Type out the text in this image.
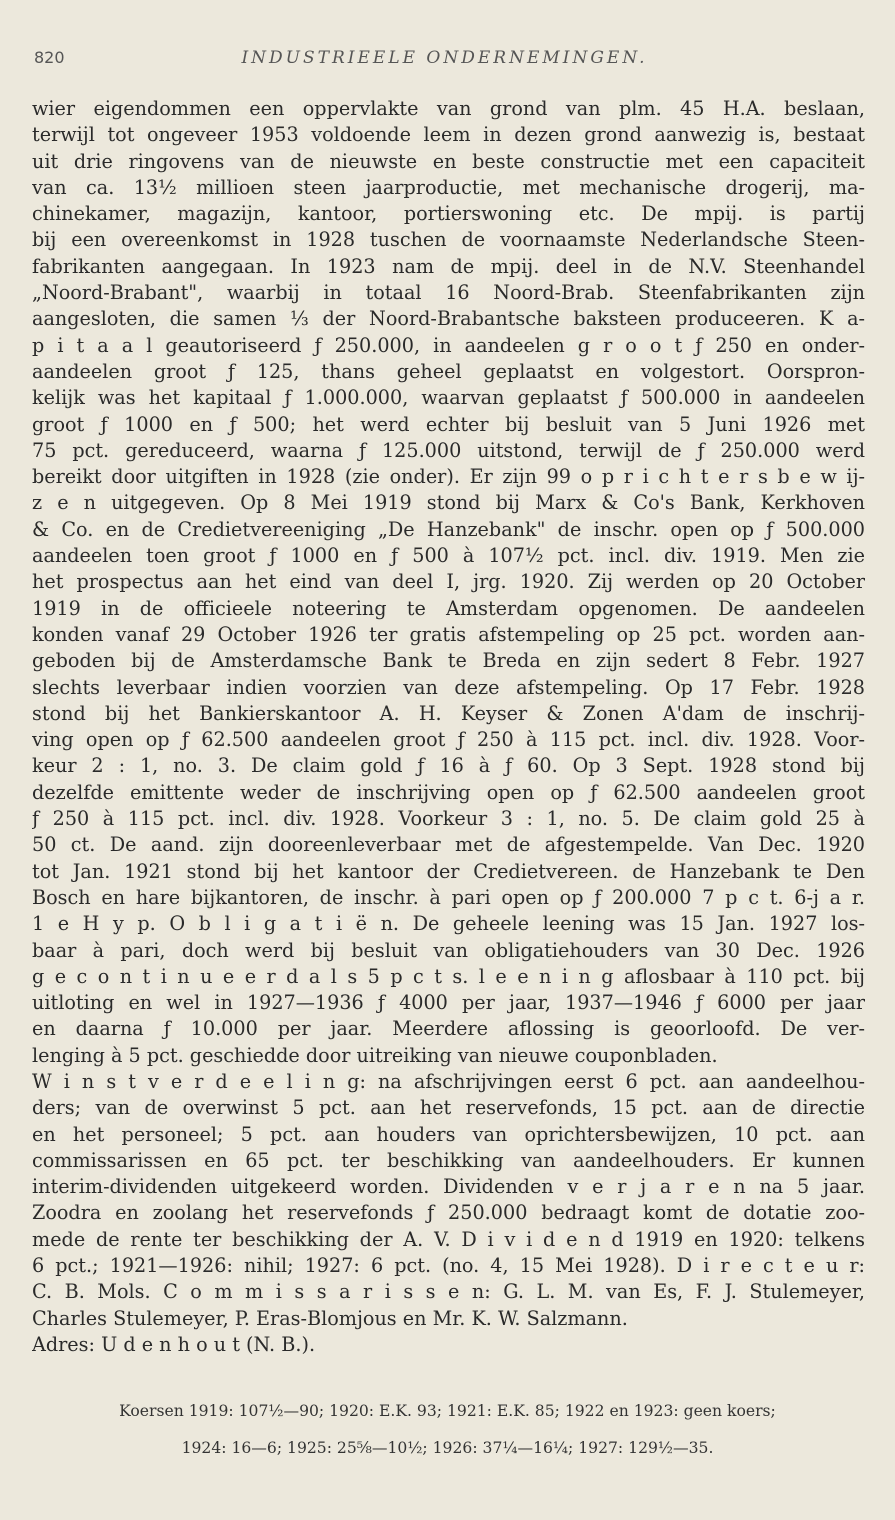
820	INDUSTRIEELE ONDERNEMINGEN.
wier eigendommen een oppervlakte van grond van plm. 45 H.A. beslaan,
terwijl tot ongeveer 1953 voldoende leem in dezen grond aanwezig is, bestaat
uit drie ringovens van de nieuwste en beste constructie met een capaciteit
van ca. 13½ millioen steen jaarproductie, met mechanische drogerij, ma-
chinekamer, magazijn, kantoor, portierswoning etc. De mpij. is partij
bij een overeenkomst in 1928 tuschen de voornaamste Nederlandsche Steen-
fabrikanten aangegaan. In 1923 nam de mpij. deel in de N.V. Steenhandel
„Noord-Brabant", waarbij in totaal 16 Noord-Brab. Steenfabrikanten zijn
aangesloten, die samen ⅓ der Noord-Brabantsche baksteen produceeren. K a-
p i t a a l geautoriseerd ƒ 250.000, in aandeelen g r o o t ƒ 250 en onder-
aandeelen groot ƒ 125, thans geheel geplaatst en volgestort. Oorspron-
kelijk was het kapitaal ƒ 1.000.000, waarvan geplaatst ƒ 500.000 in aandeelen
groot ƒ 1000 en ƒ 500; het werd echter bij besluit van 5 Juni 1926 met
75 pct. gereduceerd, waarna ƒ 125.000 uitstond, terwijl de ƒ 250.000 werd
bereikt door uitgiften in 1928 (zie onder). Er zijn 99 o p r i c h t e r s b e w ij-
z e n uitgegeven. Op 8 Mei 1919 stond bij Marx & Co's Bank, Kerkhoven
& Co. en de Credietvereeniging „De Hanzebank" de inschr. open op ƒ 500.000
aandeelen toen groot ƒ 1000 en ƒ 500 à 107½ pct. incl. div. 1919. Men zie
het prospectus aan het eind van deel I, jrg. 1920. Zij werden op 20 October
1919 in de officieele noteering te Amsterdam opgenomen. De aandeelen
konden vanaf 29 October 1926 ter gratis afstempeling op 25 pct. worden aan-
geboden bij de Amsterdamsche Bank te Breda en zijn sedert 8 Febr. 1927
slechts leverbaar indien voorzien van deze afstempeling. Op 17 Febr. 1928
stond bij het Bankierskantoor A. H. Keyser & Zonen A'dam de inschrij-
ving open op ƒ 62.500 aandeelen groot ƒ 250 à 115 pct. incl. div. 1928. Voor-
keur 2 : 1, no. 3. De claim gold ƒ 16 à ƒ 60. Op 3 Sept. 1928 stond bij
dezelfde emittente weder de inschrijving open op ƒ 62.500 aandeelen groot
ƒ 250 à 115 pct. incl. div. 1928. Voorkeur 3 : 1, no. 5. De claim gold 25 à
50 ct. De aand. zijn dooreenleverbaar met de afgestempelde. Van Dec. 1920
tot Jan. 1921 stond bij het kantoor der Credietvereen. de Hanzebank te Den
Bosch en hare bijkantoren, de inschr. à pari open op ƒ 200.000 7 p c t. 6-j a r.
1 e H y p. O b l i g a t i ë n. De geheele leening was 15 Jan. 1927 los-
baar à pari, doch werd bij besluit van obligatiehouders van 30 Dec. 1926
g e c o n t i n u e e r d a l s 5 p c t s. l e e n i n g aflosbaar à 110 pct. bij
uitloting en wel in 1927—1936 ƒ 4000 per jaar, 1937—1946 ƒ 6000 per jaar
en daarna ƒ 10.000 per jaar. Meerdere aflossing is geoorloofd. De ver-
lenging à 5 pct. geschiedde door uitreiking van nieuwe couponbladen.
W i n s t v e r d e e l i n g: na afschrijvingen eerst 6 pct. aan aandeelhou-
ders; van de overwinst 5 pct. aan het reservefonds, 15 pct. aan de directie
en het personeel; 5 pct. aan houders van oprichtersbewijzen, 10 pct. aan
commissarissen en 65 pct. ter beschikking van aandeelhouders. Er kunnen
interim-dividenden uitgekeerd worden. Dividenden v e r j a r e n na 5 jaar.
Zoodra en zoolang het reservefonds ƒ 250.000 bedraagt komt de dotatie zoo-
mede de rente ter beschikking der A. V. D i v i d e n d 1919 en 1920: telkens
6 pct.; 1921—1926: nihil; 1927: 6 pct. (no. 4, 15 Mei 1928). D i r e c t e u r:
C. B. Mols. C o m m i s s a r i s s e n: G. L. M. van Es, F. J. Stulemeyer,
Charles Stulemeyer, P. Eras-Blomjous en Mr. K. W. Salzmann.
Adres: U d e n h o u t (N. B.).
Koersen 1919: 107½—90; 1920: E.K. 93; 1921: E.K. 85; 1922 en 1923: geen koers;
1924: 16—6; 1925: 25⅝—10½; 1926: 37¼—16¼; 1927: 129½—35.
